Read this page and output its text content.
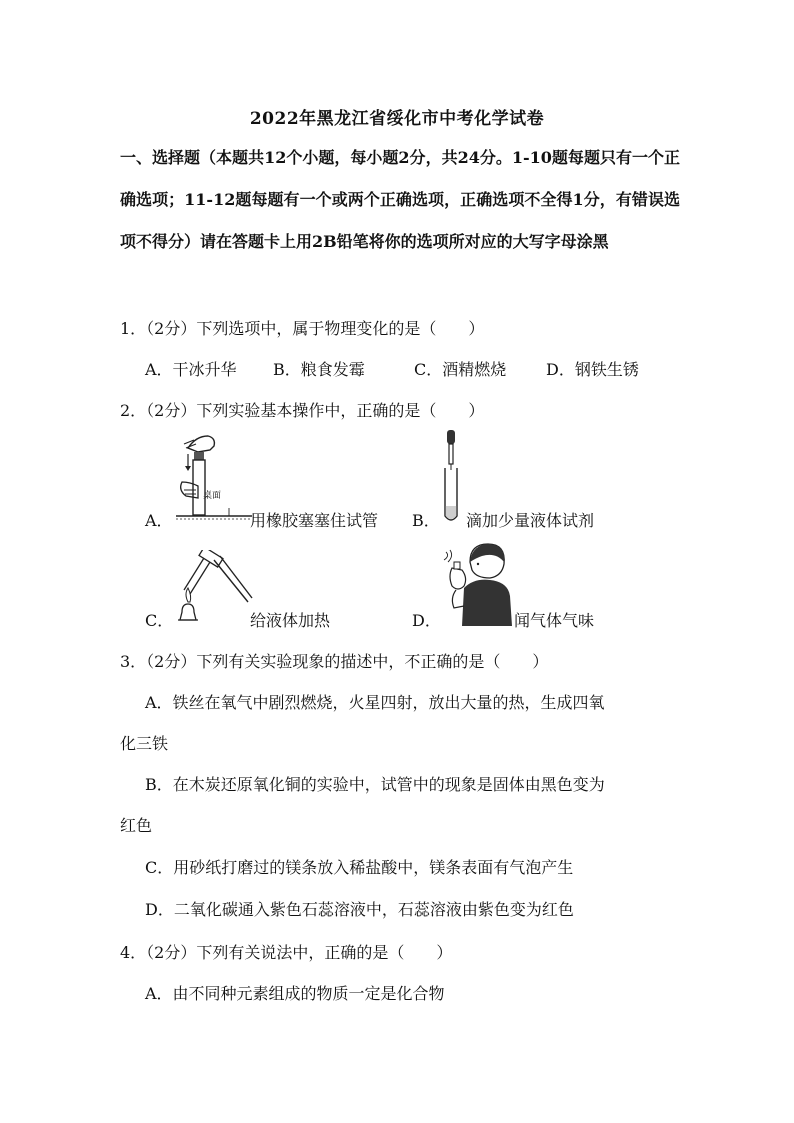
2022年黑龙江省绥化市中考化学试卷
一、选择题（本题共12个小题，每小题2分，共24分。1-10题每题只有一个正确选项；11-12题每题有一个或两个正确选项，正确选项不全得1分，有错误选项不得分）请在答题卡上用2B铅笔将你的选项所对应的大写字母涂黑
1．（2分）下列选项中，属于物理变化的是（　　）
A．干冰升华 B．粮食发霉	C．酒精燃烧 D．钢铁生锈
2．（2分）下列实验基本操作中，正确的是（　　）
A．
桌面
用橡胶塞塞住试管 B． 滴加少量液体试剂
C．	给液体加热	D．	闻气体气味
3．（2分）下列有关实验现象的描述中，不正确的是（　　）
A．铁丝在氧气中剧烈燃烧，火星四射，放出大量的热，生成四氧
化三铁
B．在木炭还原氧化铜的实验中，试管中的现象是固体由黑色变为
红色
C．用砂纸打磨过的镁条放入稀盐酸中，镁条表面有气泡产生
D．二氧化碳通入紫色石蕊溶液中，石蕊溶液由紫色变为红色
4．（2分）下列有关说法中，正确的是（　　）
A．由不同种元素组成的物质一定是化合物
